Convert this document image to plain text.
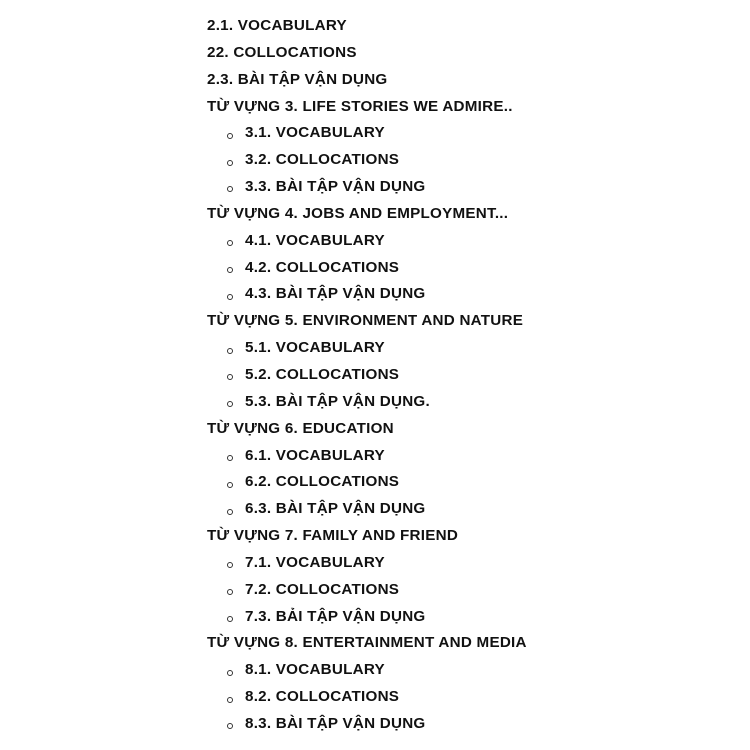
2.1. VOCABULARY
22. COLLOCATIONS
2.3. BÀI TẬP VẬN DỤNG
TỪ VỰNG 3. LIFE STORIES WE ADMIRE..
3.1. VOCABULARY
3.2. COLLOCATIONS
3.3. BÀI TẬP VẬN DỤNG
TỪ VỰNG 4. JOBS AND EMPLOYMENT...
4.1. VOCABULARY
4.2. COLLOCATIONS
4.3. BÀI TẬP VẬN DỤNG
TỪ VỰNG 5. ENVIRONMENT AND NATURE
5.1. VOCABULARY
5.2. COLLOCATIONS
5.3. BÀI TẬP VẬN DỤNG.
TỪ VỰNG 6. EDUCATION
6.1. VOCABULARY
6.2. COLLOCATIONS
6.3. BÀI TẬP VẬN DỤNG
TỪ VỰNG 7. FAMILY AND FRIEND
7.1. VOCABULARY
7.2. COLLOCATIONS
7.3. BẢI TẬP VẬN DỤNG
TỪ VỰNG 8. ENTERTAINMENT AND MEDIA
8.1. VOCABULARY
8.2. COLLOCATIONS
8.3. BÀI TẬP VẬN DỤNG
